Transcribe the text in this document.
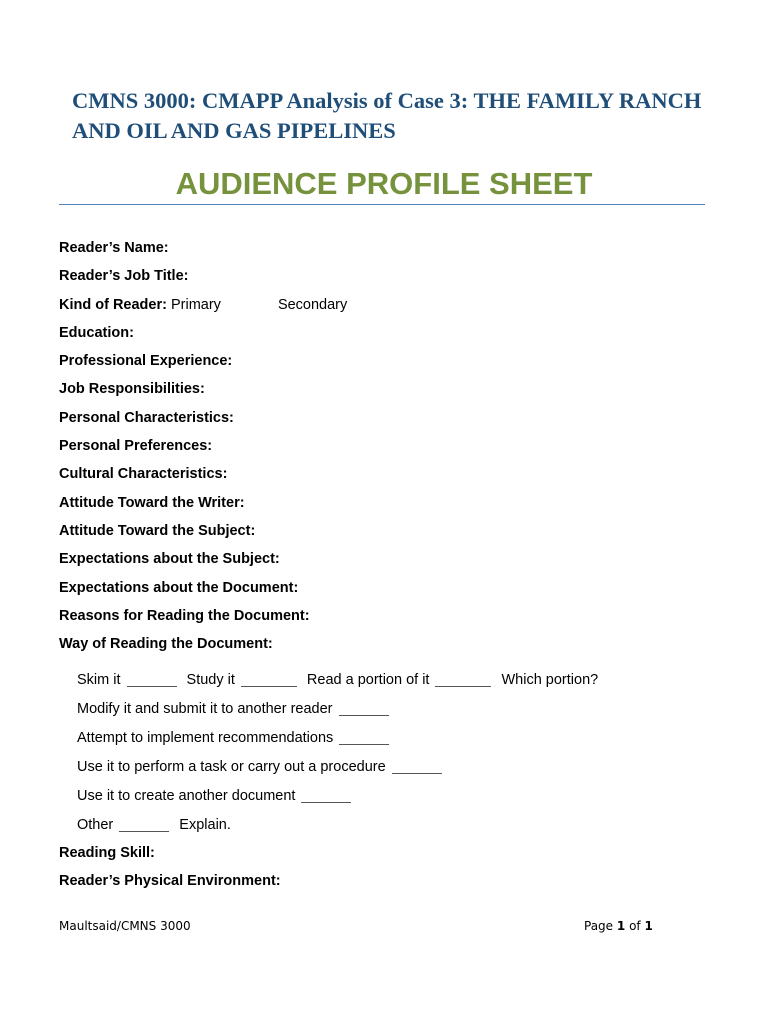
CMNS 3000: CMAPP Analysis of Case 3: THE FAMILY RANCH AND OIL AND GAS PIPELINES
AUDIENCE PROFILE SHEET
Reader’s Name:
Reader’s Job Title:
Kind of Reader: Primary	Secondary
Education:
Professional Experience:
Job Responsibilities:
Personal Characteristics:
Personal Preferences:
Cultural Characteristics:
Attitude Toward the Writer:
Attitude Toward the Subject:
Expectations about the Subject:
Expectations about the Document:
Reasons for Reading the Document:
Way of Reading the Document:
Skim it	Study it	Read a portion of it	Which portion?
Modify it and submit it to another reader
Attempt to implement recommendations
Use it to perform a task or carry out a procedure
Use it to create another document
Other	Explain.
Reading Skill:
Reader’s Physical Environment:
Maultsaid/CMNS 3000	Page 1 of 1
